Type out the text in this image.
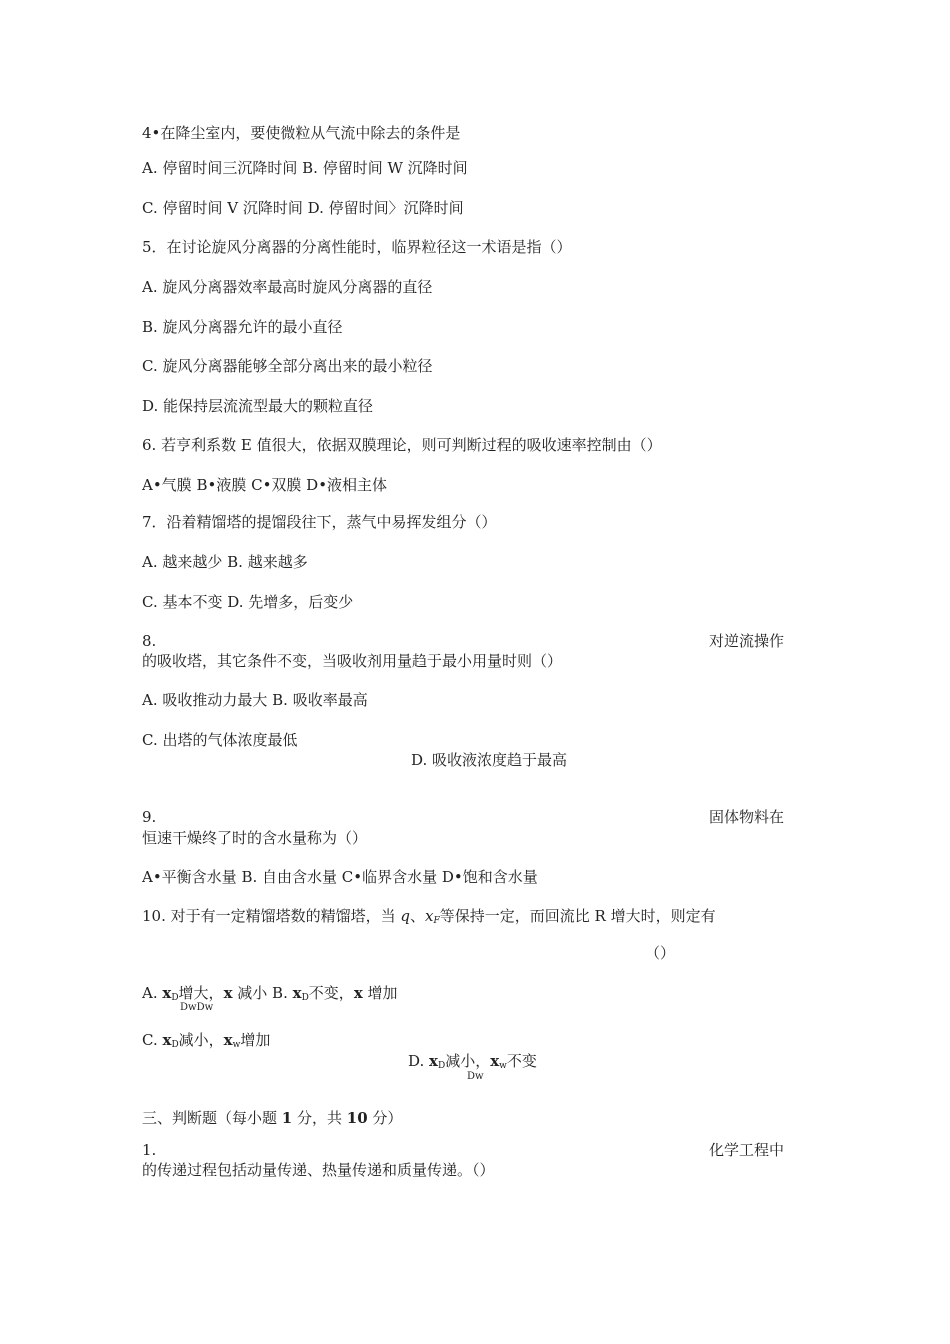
4•在降尘室内，要使微粒从气流中除去的条件是
A. 停留时间三沉降时间 B. 停留时间 W 沉降时间
C. 停留时间 V 沉降时间 D. 停留时间〉沉降时间
5．在讨论旋风分离器的分离性能时，临界粒径这一术语是指（）
A. 旋风分离器效率最高时旋风分离器的直径
B. 旋风分离器允许的最小直径
C. 旋风分离器能够全部分离出来的最小粒径
D. 能保持层流流型最大的颗粒直径
6. 若亨利系数 E 值很大，依据双膜理论，则可判断过程的吸收速率控制由（）
A•气膜 B•液膜 C•双膜 D•液相主体
7．沿着精馏塔的提馏段往下，蒸气中易挥发组分（）
A. 越来越少 B. 越来越多
C. 基本不变 D. 先增多，后变少
8.	对逆流操作
的吸收塔，其它条件不变，当吸收剂用量趋于最小用量时则（）
A. 吸收推动力最大 B. 吸收率最高
C. 出塔的气体浓度最低
D. 吸收液浓度趋于最高
9.	固体物料在
恒速干燥终了时的含水量称为（）
A•平衡含水量 B. 自由含水量 C•临界含水量 D•饱和含水量
10. 对于有一定精馏塔数的精馏塔，当 q、$x_F$等保持一定，而回流比 R 增大时，则定有
（）
A. $x_D$增大，x 减小 B. $x_D$不变，x 增加
DwDw
C. $x_D$减小，$x_w$增加
D. $x_D$减小，$x_w$不变
Dw
三、判断题（每小题 1 分，共 10 分）
1.	化学工程中
的传递过程包括动量传递、热量传递和质量传递。（）
